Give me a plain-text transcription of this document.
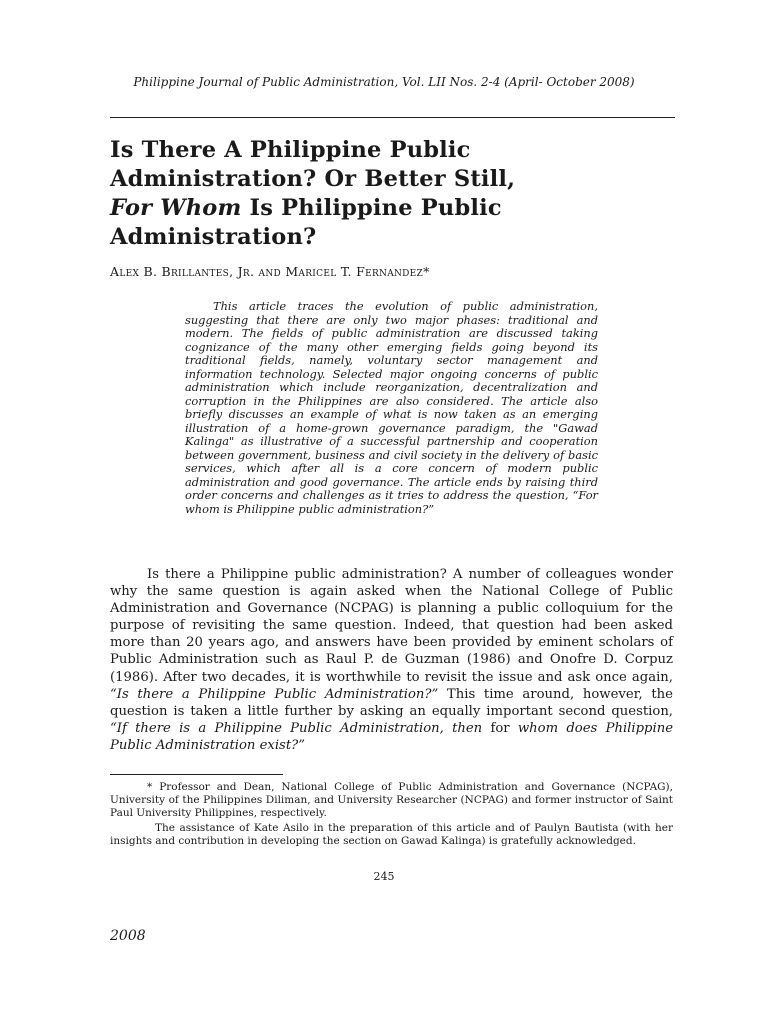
Philippine Journal of Public Administration, Vol. LII Nos. 2-4 (April- October 2008)
Is There A Philippine Public
Administration? Or Better Still,
For Whom Is Philippine Public
Administration?
Alex B. Brillantes, Jr. and Maricel T. Fernandez*

This article traces the evolution of public administration, suggesting that there are only two major phases: traditional and modern. The fields of public administration are discussed taking cognizance of the many other emerging fields going beyond its traditional fields, namely, voluntary sector management and information technology. Selected major ongoing concerns of public administration which include reorganization, decentralization and corruption in the Philippines are also considered. The article also briefly discusses an example of what is now taken as an emerging illustration of a home-grown governance paradigm, the "Gawad Kalinga" as illustrative of a successful partnership and cooperation between government, business and civil society in the delivery of basic services, which after all is a core concern of modern public administration and good governance. The article ends by raising third order concerns and challenges as it tries to address the question, “For whom is Philippine public administration?”

Is there a Philippine public administration? A number of colleagues wonder why the same question is again asked when the National College of Public Administration and Governance (NCPAG) is planning a public colloquium for the purpose of revisiting the same question. Indeed, that question had been asked more than 20 years ago, and answers have been provided by eminent scholars of Public Administration such as Raul P. de Guzman (1986) and Onofre D. Corpuz (1986). After two decades, it is worthwhile to revisit the issue and ask once again, “Is there a Philippine Public Administration?” This time around, however, the question is taken a little further by asking an equally important second question, “If there is a Philippine Public Administration, then for whom does Philippine Public Administration exist?”

* Professor and Dean, National College of Public Administration and Governance (NCPAG), University of the Philippines Diliman, and University Researcher (NCPAG) and former instructor of Saint Paul University Philippines, respectively.

The assistance of Kate Asilo in the preparation of this article and of Paulyn Bautista (with her insights and contribution in developing the section on Gawad Kalinga) is gratefully acknowledged.

245
2008
